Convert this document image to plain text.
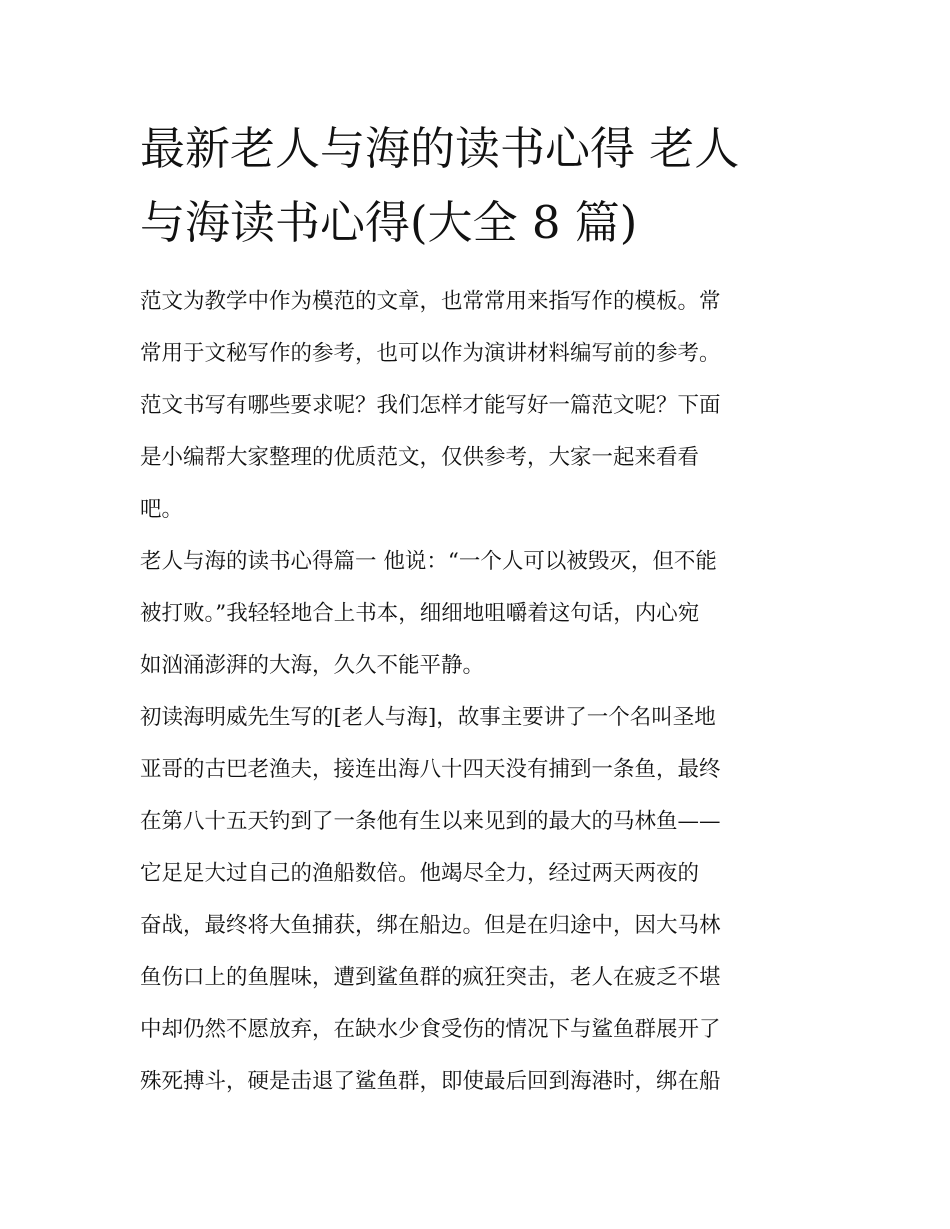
最新老人与海的读书心得 老人
与海读书心得(大全 8 篇)

范文为教学中作为模范的文章，也常常用来指写作的模板。常
常用于文秘写作的参考，也可以作为演讲材料编写前的参考。
范文书写有哪些要求呢？我们怎样才能写好一篇范文呢？下面
是小编帮大家整理的优质范文，仅供参考，大家一起来看看
吧。

老人与海的读书心得篇一 他说：“一个人可以被毁灭，但不能
被打败。”我轻轻地合上书本，细细地咀嚼着这句话，内心宛
如汹涌澎湃的大海，久久不能平静。

初读海明威先生写的[老人与海]，故事主要讲了一个名叫圣地
亚哥的古巴老渔夫，接连出海八十四天没有捕到一条鱼，最终
在第八十五天钓到了一条他有生以来见到的最大的马林鱼——
它足足大过自己的渔船数倍。他竭尽全力，经过两天两夜的
奋战，最终将大鱼捕获，绑在船边。但是在归途中，因大马林
鱼伤口上的鱼腥味，遭到鲨鱼群的疯狂突击，老人在疲乏不堪
中却仍然不愿放弃，在缺水少食受伤的情况下与鲨鱼群展开了
殊死搏斗，硬是击退了鲨鱼群，即使最后回到海港时，绑在船
